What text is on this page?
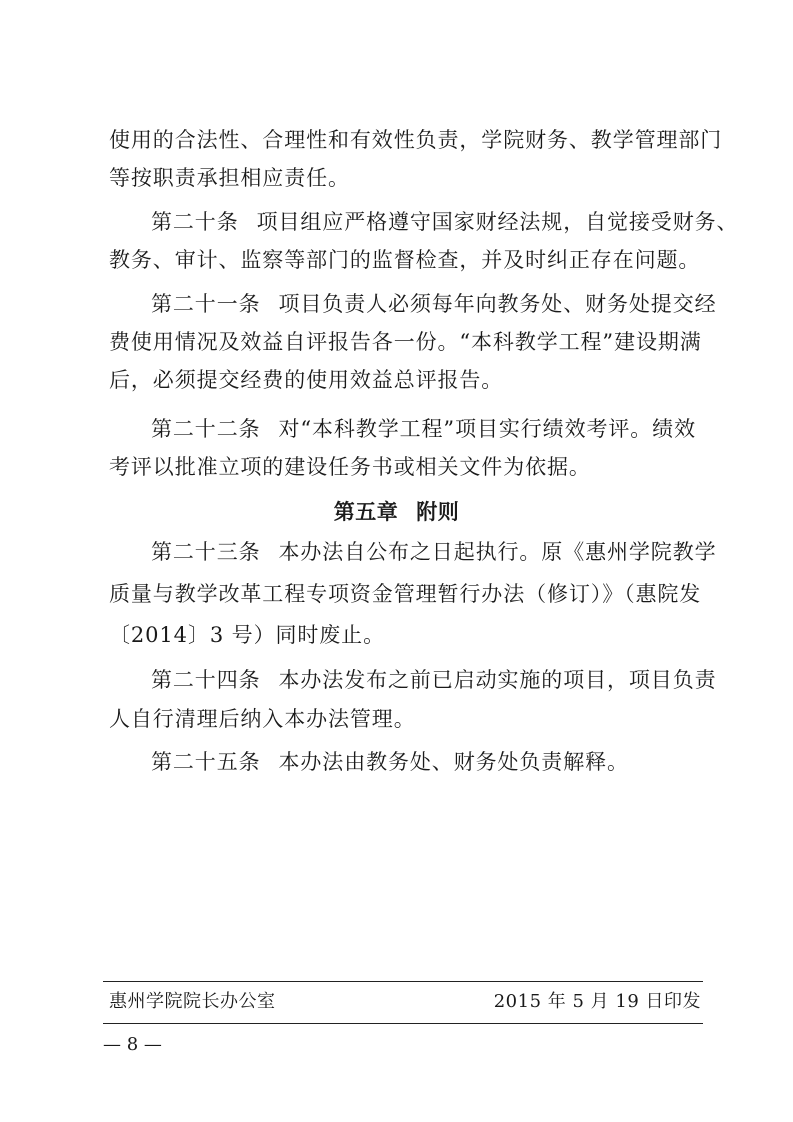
使用的合法性、合理性和有效性负责，学院财务、教学管理部门
等按职责承担相应责任。
第二十条 项目组应严格遵守国家财经法规，自觉接受财务、
教务、审计、监察等部门的监督检查，并及时纠正存在问题。
第二十一条 项目负责人必须每年向教务处、财务处提交经
费使用情况及效益自评报告各一份。“本科教学工程”建设期满
后，必须提交经费的使用效益总评报告。
第二十二条 对“本科教学工程”项目实行绩效考评。绩效
考评以批准立项的建设任务书或相关文件为依据。
第五章 附则
第二十三条 本办法自公布之日起执行。原《惠州学院教学
质量与教学改革工程专项资金管理暂行办法（修订）》（惠院发
〔2014〕3 号）同时废止。
第二十四条 本办法发布之前已启动实施的项目，项目负责
人自行清理后纳入本办法管理。
第二十五条 本办法由教务处、财务处负责解释。
惠州学院院长办公室	2015 年 5 月 19 日印发
— 8 —
